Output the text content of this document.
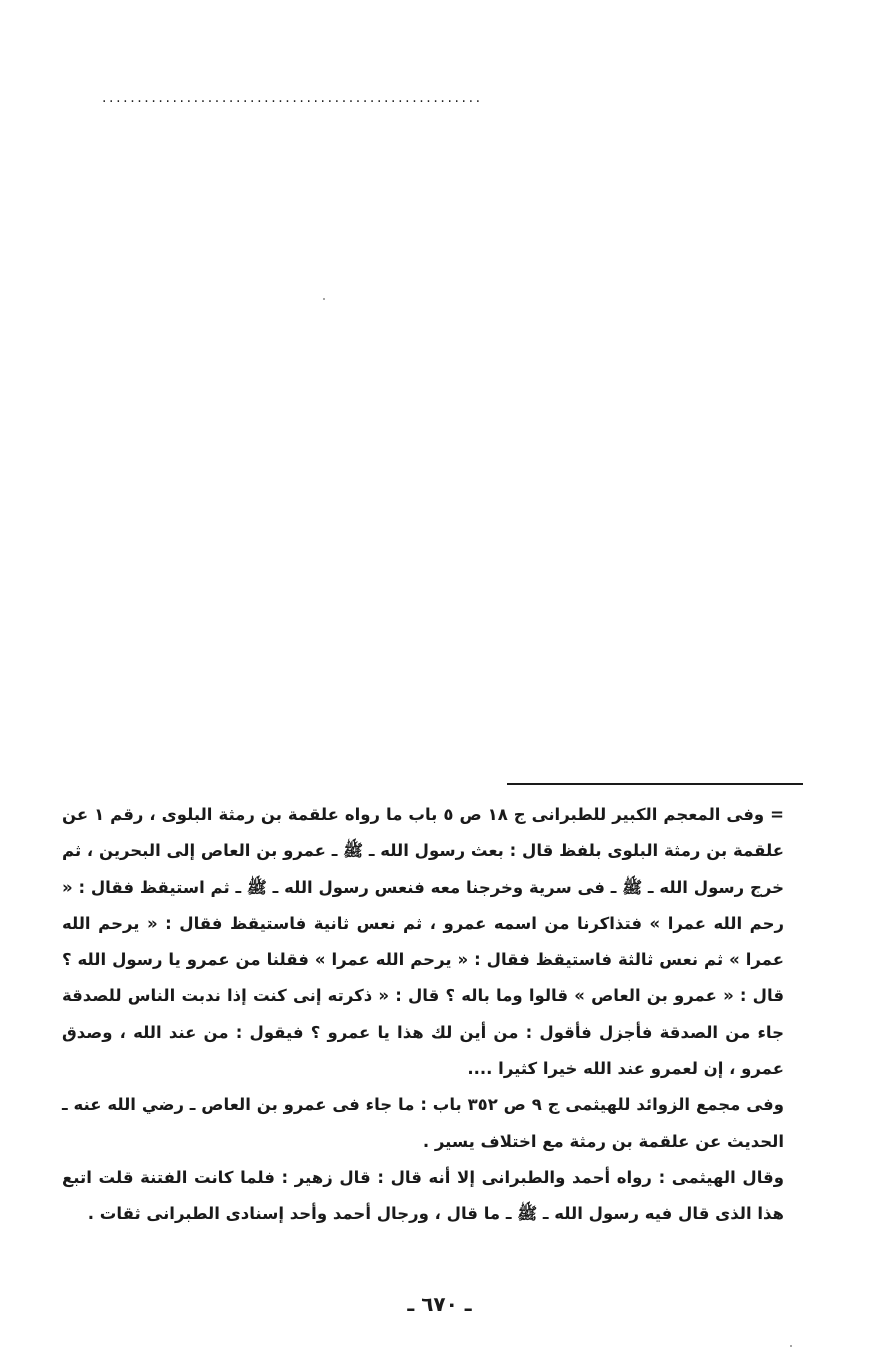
......................................................

= وفى المعجم الكبير للطبرانى ج ١٨ ص ٥ باب ما رواه علقمة بن رمثة البلوى ، رقم ١ عن علقمة بن رمثة البلوى بلفظ قال : بعث رسول الله ـ ﷺ ـ عمرو بن العاص إلى البحرين ، ثم خرج رسول الله ـ ﷺ ـ فى سرية وخرجنا معه فنعس رسول الله ـ ﷺ ـ ثم استيقظ فقال : « رحم الله عمرا » فتذاكرنا من اسمه عمرو ، ثم نعس ثانية فاستيقظ فقال : « يرحم الله عمرا » ثم نعس ثالثة فاستيقظ فقال : « يرحم الله عمرا » فقلنا من عمرو يا رسول الله ؟ قال : « عمرو بن العاص » قالوا وما باله ؟ قال : « ذكرته إنى كنت إذا ندبت الناس للصدقة جاء من الصدقة فأجزل فأقول : من أين لك هذا يا عمرو ؟ فيقول : من عند الله ، وصدق عمرو ، إن لعمرو عند الله خيرا كثيرا ....

وفى مجمع الزوائد للهيثمى ج ٩ ص ٣٥٢ باب : ما جاء فى عمرو بن العاص ـ رضي الله عنه ـ الحديث عن علقمة بن رمثة مع اختلاف يسير .

وقال الهيثمى : رواه أحمد والطبرانى إلا أنه قال : قال زهير : فلما كانت الفتنة قلت اتبع هذا الذى قال فيه رسول الله ـ ﷺ ـ ما قال ، ورجال أحمد وأحد إسنادى الطبرانى ثقات .

ـ ٦٧٠ ـ
